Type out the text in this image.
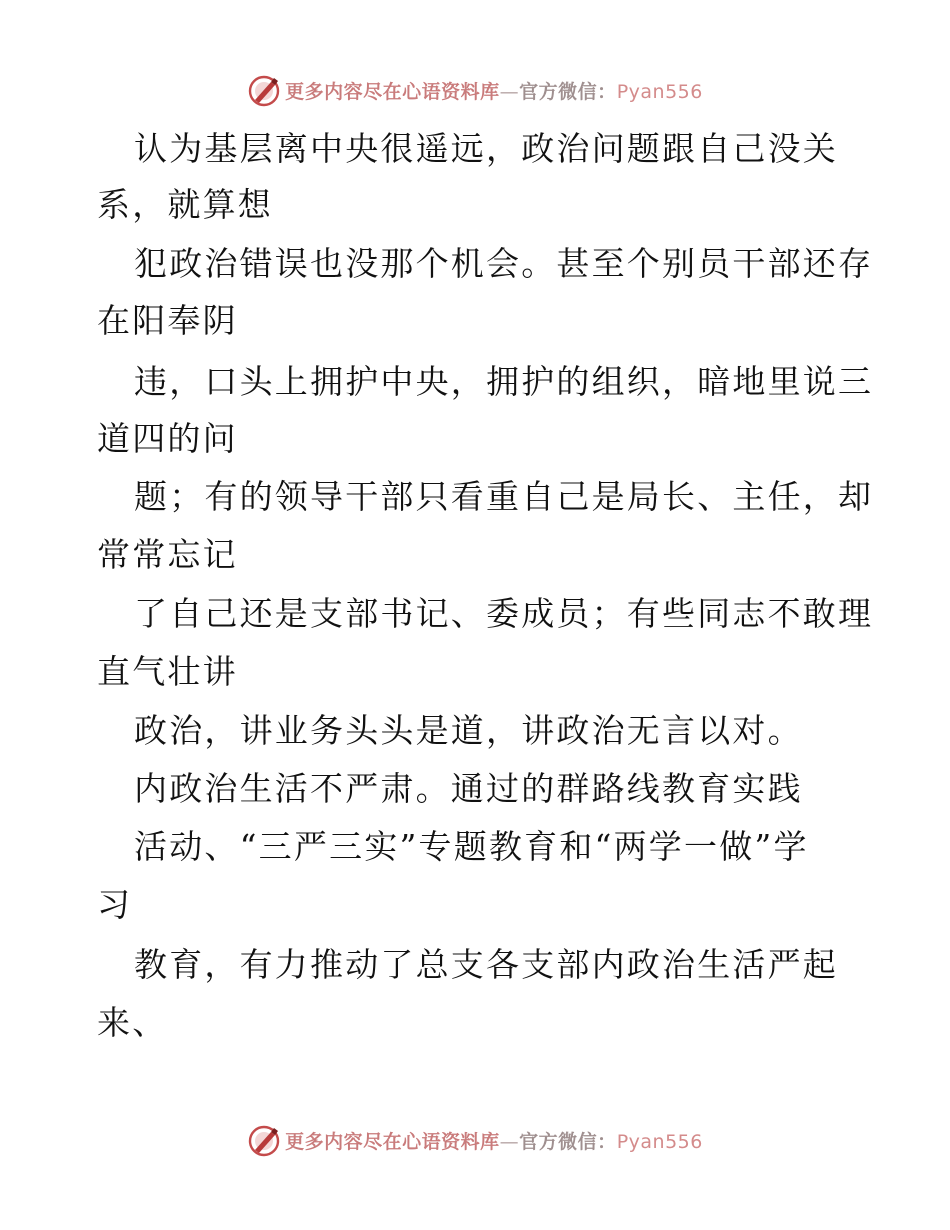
更多内容尽在心语资料库—官方微信：Pyan556
认为基层离中央很遥远，政治问题跟自己没关
系，就算想
犯政治错误也没那个机会。甚至个别员干部还存
在阳奉阴
违，口头上拥护中央，拥护的组织，暗地里说三
道四的问
题；有的领导干部只看重自己是局长、主任，却
常常忘记
了自己还是支部书记、委成员；有些同志不敢理
直气壮讲
政治，讲业务头头是道，讲政治无言以对。
内政治生活不严肃。通过的群路线教育实践
活动、“三严三实”专题教育和“两学一做”学
习
教育，有力推动了总支各支部内政治生活严起
来、
更多内容尽在心语资料库—官方微信：Pyan556
